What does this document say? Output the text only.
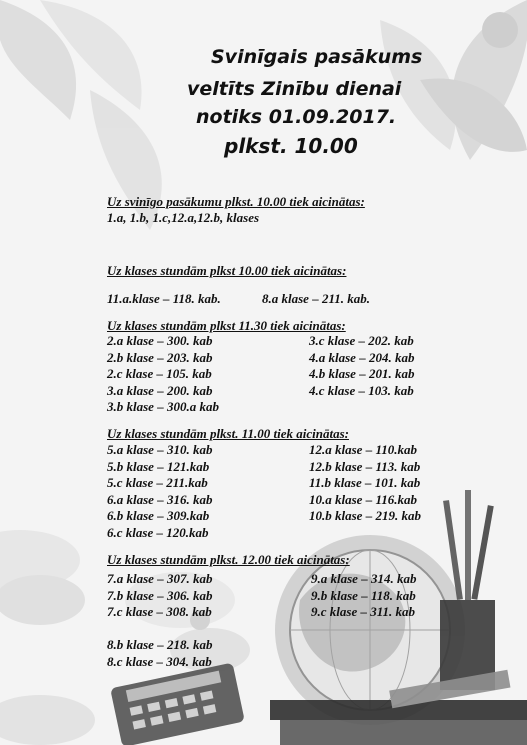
Svinīgais pasākums
veltīts Zinību dienai
notiks 01.09.2017.
plkst. 10.00
Uz svinīgo pasākumu plkst. 10.00 tiek aicinātas:
1.a, 1.b, 1.c,12.a,12.b, klases
Uz klases stundām plkst 10.00 tiek aicinātas:
11.a.klase – 118. kab.	8.a klase – 211. kab.
Uz klases stundām plkst 11.30 tiek aicinātas:
2.a klase – 300. kab
2.b klase – 203. kab
2.c klase – 105. kab
3.a klase – 200. kab
3.b klase – 300.a kab
3.c klase – 202. kab
4.a klase – 204. kab
4.b klase – 201. kab
4.c klase – 103. kab
Uz klases stundām plkst. 11.00 tiek aicinātas:
5.a klase – 310. kab
5.b klase – 121.kab
5.c klase – 211.kab
6.a klase – 316. kab
6.b klase – 309.kab
6.c klase – 120.kab
12.a klase – 110.kab
12.b klase – 113. kab
11.b klase – 101. kab
10.a klase – 116.kab
10.b klase – 219. kab
Uz klases stundām plkst. 12.00 tiek aicinātas:
7.a klase – 307. kab
7.b klase – 306. kab
7.c klase – 308. kab
9.a klase – 314. kab
9.b klase – 118. kab
9.c klase – 311. kab
8.b klase – 218. kab
8.c klase – 304. kab
